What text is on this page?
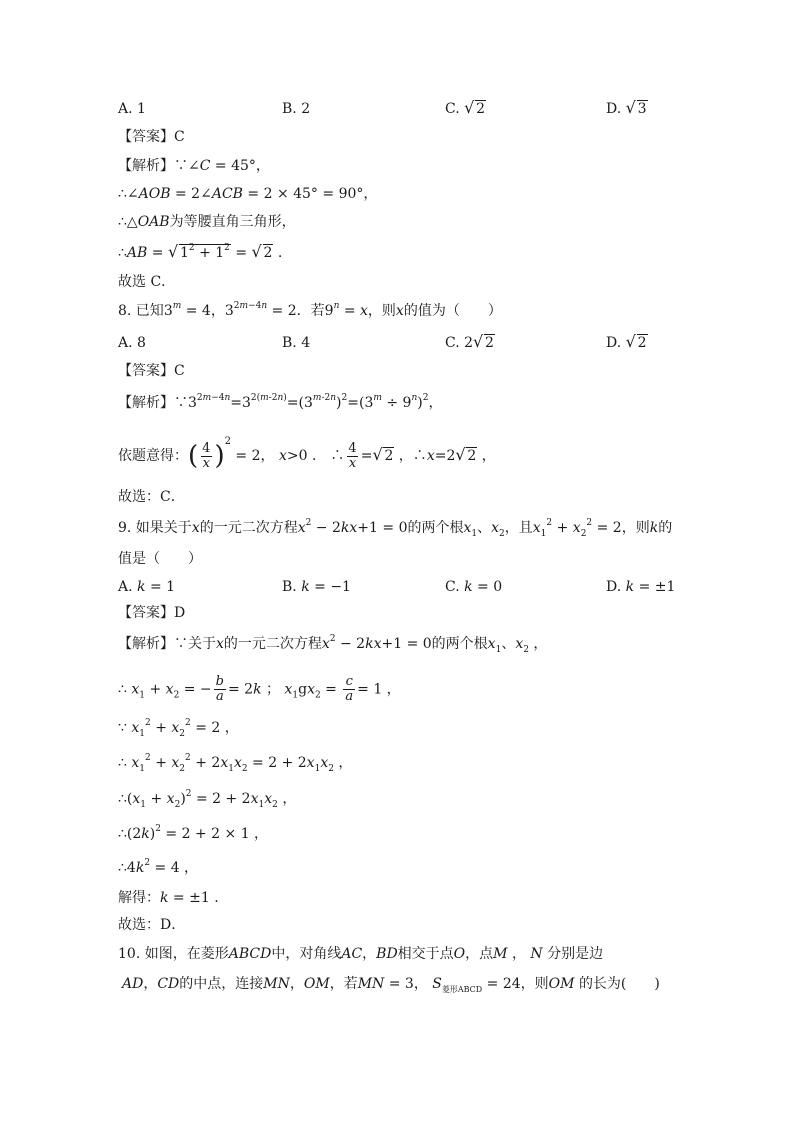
A. 1	B. 2	C. √ 2	D. √ 3
【答案】C
【解析】∵∠C = 45°，
∴∠AOB = 2∠ACB = 2 × 45° = 90°，
∴△OAB为等腰直角三角形，
∴AB = √ $1^2 + 1^2$ = √ 2 .
故选 C．
8. 已知$3^m = 4$，$3^{2m-4n} = 2$．若$9^n = x$，则x的值为（　　）
A. 8	B. 4	C. 2 √ 2	D. √ 2
【答案】C
【解析】$\because 3^{2m-4n}=3^{2(m-2n)}=(3^{m-2n})^2=(3^m \div 9^n)^2$，
依题意得：( $\frac{4}{x} )^2 = 2$， x>0 ． ∴ $\frac{4}{x}$ = √ 2 ，∴x=2 √ 2 ，
故选：C．
9. 如果关于x的一元二次方程$x^2 - 2kx+1 = 0$的两个根$x_1$、$x_2$，且$x_1^2 + x_2^2 = 2$，则k的
值是（　　）
A. k = 1	B. k = −1	C. k = 0	D. k = ±1
【答案】D
【解析】∵关于x的一元二次方程$x^2 - 2kx+1 = 0$的两个根$x_1$、$x_2$ ，
∴ $x_1 + x_2$ = − $\frac{b}{a} = 2k$ ； $x_1gx_2 = \frac{c}{a} = 1$ ，
∵ $x_1^2 + x_2^2 = 2$ ，
∴ $x_1^2 + x_2^2 + 2x_1x_2 = 2 + 2x_1x_2$ ，
$\therefore(x_1 + x_2)^2 = 2 + 2x_1x_2$ ，
$\therefore(2k)^2 = 2 + 2 \times 1$ ，
$\therefore 4k^2 = 4$ ，
解得：k = ±1 .
故选：D．
10. 如图，在菱形ABCD中，对角线AC，BD相交于点O，点M ， N 分别是边
AD，CD的中点，连接MN，OM，若MN = 3， $S_{菱形ABCD} = 24$，则OM 的长为(　　)
